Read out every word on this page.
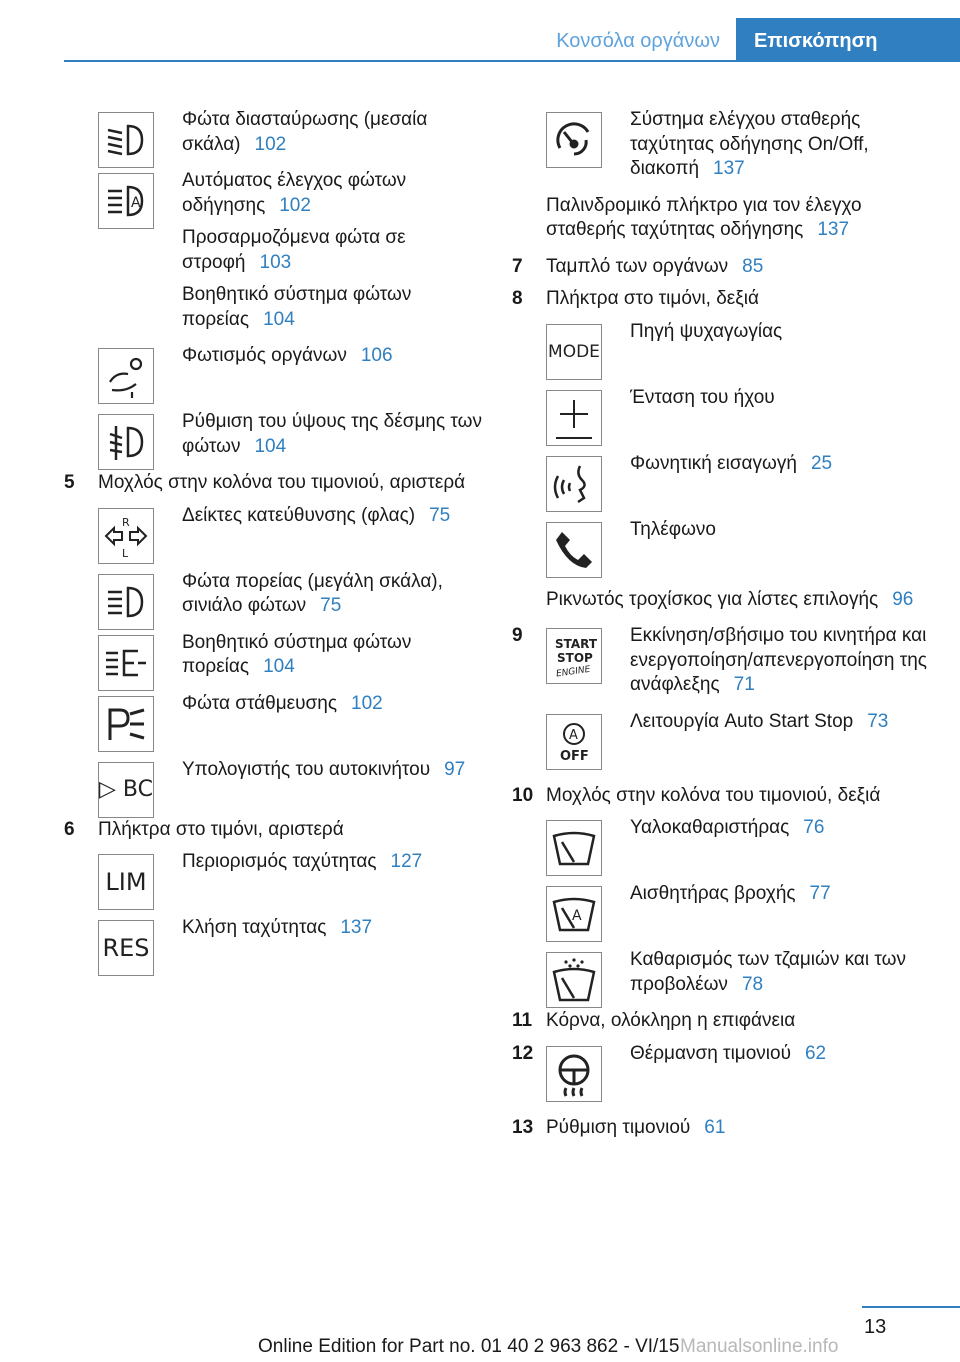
Κονσόλα οργάνων	Επισκόπηση
Φώτα διασταύρωσης (μεσαία σκάλα) 102
A
Αυτόματος έλεγχος φώτων οδήγησης 102
Προσαρμοζόμενα φώτα σε στροφή 103
Βοηθητικό σύστημα φώτων πορείας 104
Φωτισμός οργάνων 106
Ρύθμιση του ύψους της δέσμης των φώτων 104
5	Μοχλός στην κολόνα του τιμονιού, αριστερά
R
L
Δείκτες κατεύθυνσης (φλας) 75
Φώτα πορείας (μεγάλη σκάλα), σινιάλο φώτων 75
Βοηθητικό σύστημα φώτων πορείας 104
Φώτα στάθμευσης 102
▷ BC
Υπολογιστής του αυτοκινήτου 97
6	Πλήκτρα στο τιμόνι, αριστερά
LIM
Περιορισμός ταχύτητας 127
RES
Κλήση ταχύτητας 137
Σύστημα ελέγχου σταθερής ταχύτητας οδήγησης On/Off, διακοπή 137
Παλινδρομικό πλήκτρο για τον έλεγχο σταθερής ταχύτητας οδήγησης 137
7	Ταμπλό των οργάνων 85
8	Πλήκτρα στο τιμόνι, δεξιά
MODE
Πηγή ψυχαγωγίας
Ένταση του ήχου
Φωνητική εισαγωγή 25
Τηλέφωνο
Ρικνωτός τροχίσκος για λίστες επιλογής 96
9	START
STOP
ENGINE
Εκκίνηση/σβήσιμο του κινητήρα και ενεργοποίηση/απενεργοποίηση της ανάφλεξης 71
A
OFF
Λειτουργία Auto Start Stop 73
10 Μοχλός στην κολόνα του τιμονιού, δεξιά
Υαλοκαθαριστήρας 76
A
Αισθητήρας βροχής 77
Καθαρισμός των τζαμιών και των προβολέων 78
11 Κόρνα, ολόκληρη η επιφάνεια
12	Θέρμανση τιμονιού 62
13 Ρύθμιση τιμονιού 61
13
Online Edition for Part no. 01 40 2 963 862 - VI/15 Manualsonline.info
